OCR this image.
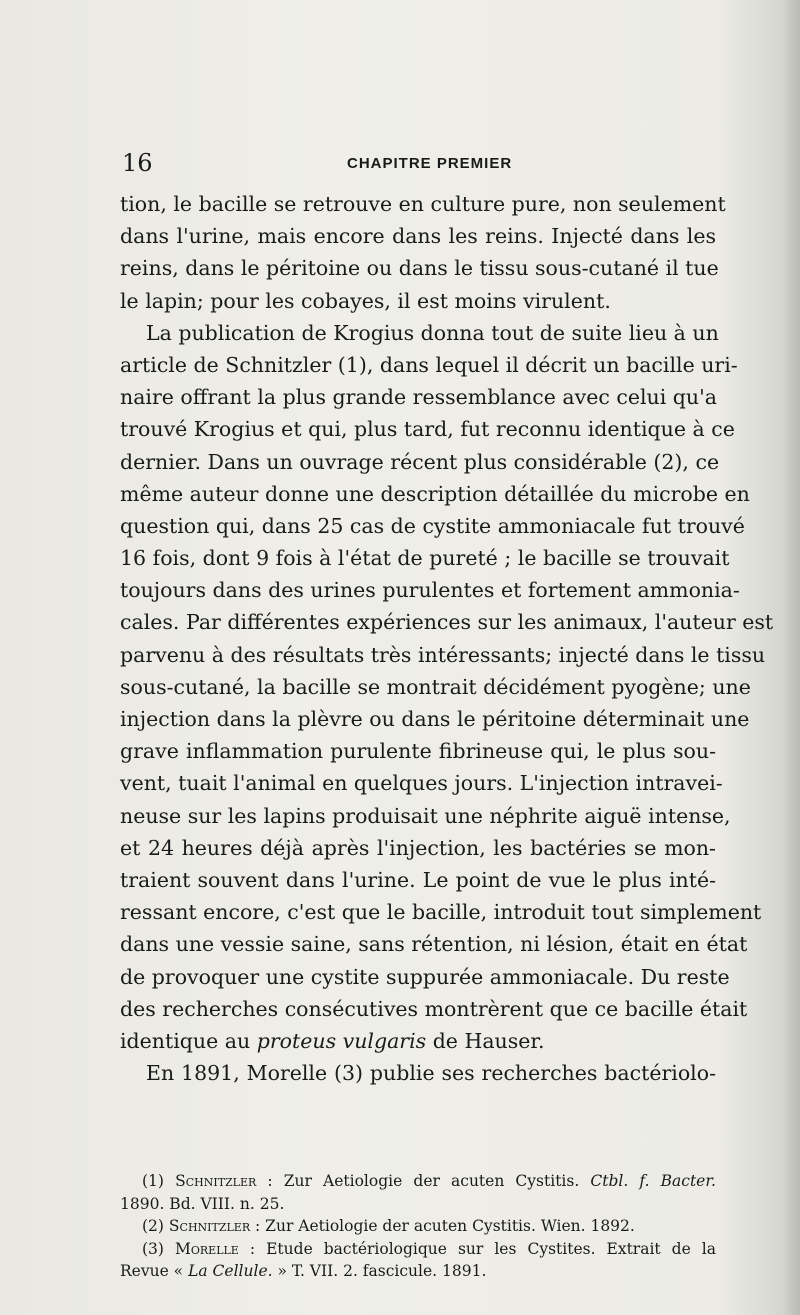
16	CHAPITRE PREMIER
tion, le bacille se retrouve en culture pure, non seulement
dans l'urine, mais encore dans les reins. Injecté dans les
reins, dans le péritoine ou dans le tissu sous-cutané il tue
le lapin; pour les cobayes, il est moins virulent.
La publication de Krogius donna tout de suite lieu à un
article de Schnitzler (1), dans lequel il décrit un bacille uri-
naire offrant la plus grande ressemblance avec celui qu'a
trouvé Krogius et qui, plus tard, fut reconnu identique à ce
dernier. Dans un ouvrage récent plus considérable (2), ce
même auteur donne une description détaillée du microbe en
question qui, dans 25 cas de cystite ammoniacale fut trouvé
16 fois, dont 9 fois à l'état de pureté ; le bacille se trouvait
toujours dans des urines purulentes et fortement ammonia-
cales. Par différentes expériences sur les animaux, l'auteur est
parvenu à des résultats très intéressants; injecté dans le tissu
sous-cutané, la bacille se montrait décidément pyogène; une
injection dans la plèvre ou dans le péritoine déterminait une
grave inflammation purulente fibrineuse qui, le plus sou-
vent, tuait l'animal en quelques jours. L'injection intravei-
neuse sur les lapins produisait une néphrite aiguë intense,
et 24 heures déjà après l'injection, les bactéries se mon-
traient souvent dans l'urine. Le point de vue le plus inté-
ressant encore, c'est que le bacille, introduit tout simplement
dans une vessie saine, sans rétention, ni lésion, était en état
de provoquer une cystite suppurée ammoniacale. Du reste
des recherches consécutives montrèrent que ce bacille était
identique au proteus vulgaris de Hauser.
En 1891, Morelle (3) publie ses recherches bactériolo-
(1) Schnitzler : Zur Aetiologie der acuten Cystitis. Ctbl. f. Bacter.
1890. Bd. VIII. n. 25.
(2) Schnitzler : Zur Aetiologie der acuten Cystitis. Wien. 1892.
(3) Morelle : Etude bactériologique sur les Cystites. Extrait de la
Revue « La Cellule. » T. VII. 2. fascicule. 1891.
